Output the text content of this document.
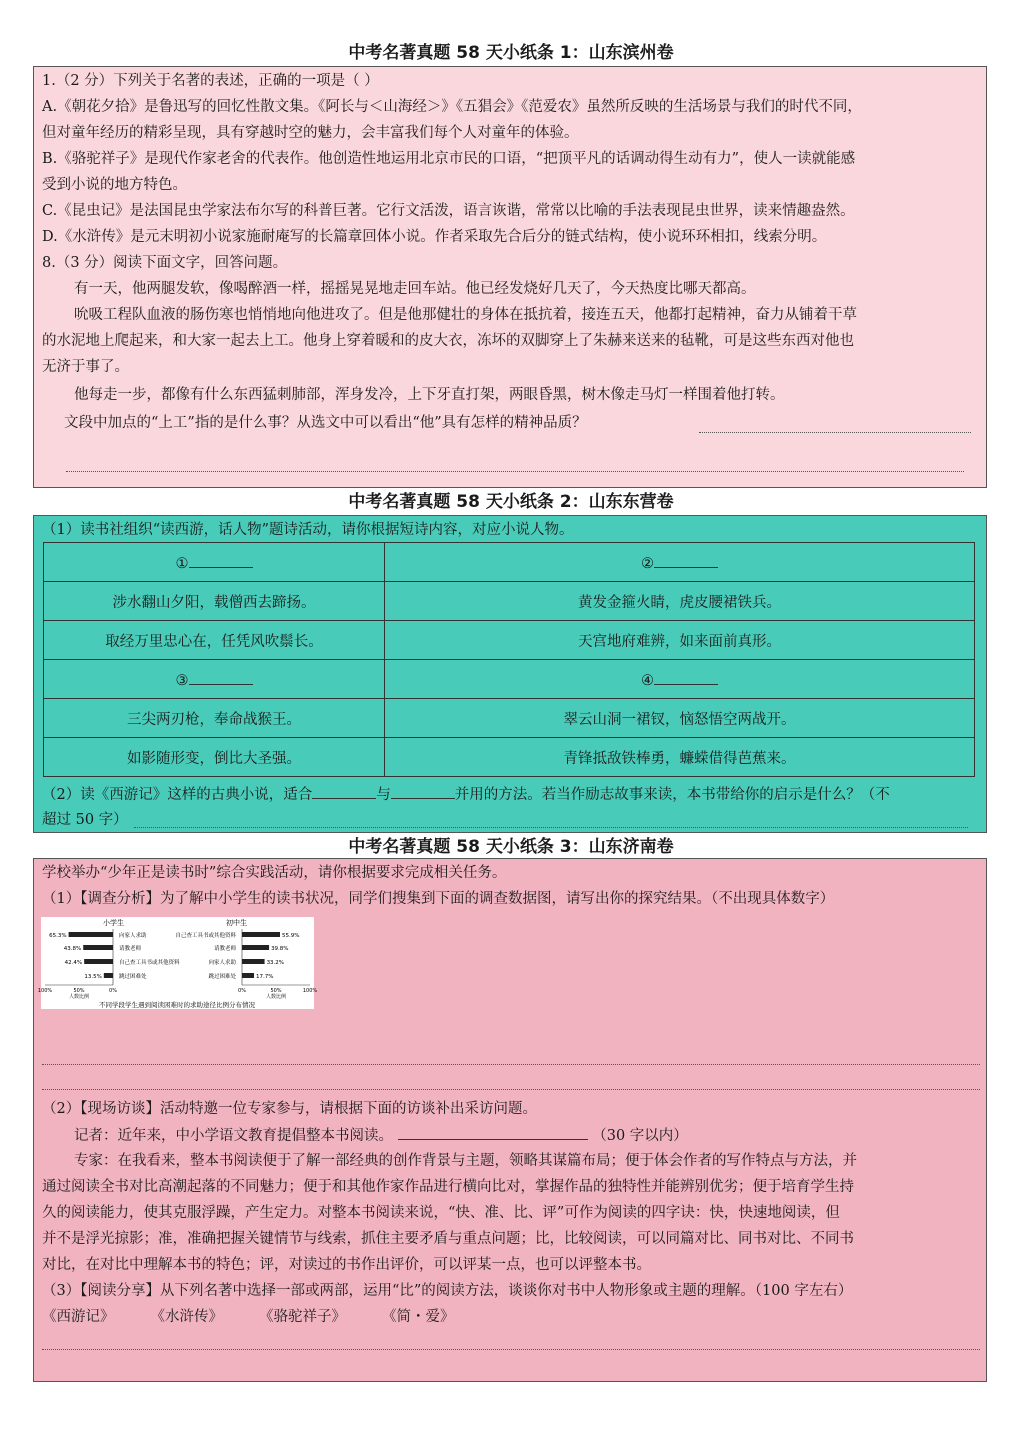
中考名著真题 58 天小纸条 1：山东滨州卷
1.（2 分）下列关于名著的表述，正确的一项是（ ）
A.《朝花夕拾》是鲁迅写的回忆性散文集。《阿长与＜山海经＞》《五猖会》《范爱农》虽然所反映的生活场景与我们的时代不同，
但对童年经历的精彩呈现，具有穿越时空的魅力，会丰富我们每个人对童年的体验。
B.《骆驼祥子》是现代作家老舍的代表作。他创造性地运用北京市民的口语，“把顶平凡的话调动得生动有力”，使人一读就能感
受到小说的地方特色。
C.《昆虫记》是法国昆虫学家法布尔写的科普巨著。它行文活泼，语言诙谐，常常以比喻的手法表现昆虫世界，读来情趣盎然。
D.《水浒传》是元末明初小说家施耐庵写的长篇章回体小说。作者采取先合后分的链式结构，使小说环环相扣，线索分明。
8.（3 分）阅读下面文字，回答问题。
有一天，他两腿发软，像喝醉酒一样，摇摇晃晃地走回车站。他已经发烧好几天了，今天热度比哪天都高。
吮吸工程队血液的肠伤寒也悄悄地向他进攻了。但是他那健壮的身体在抵抗着，接连五天，他都打起精神，奋力从铺着干草
的水泥地上爬起来，和大家一起去上工。他身上穿着暖和的皮大衣，冻坏的双脚穿上了朱赫来送来的毡靴，可是这些东西对他也
无济于事了。
他每走一步，都像有什么东西猛刺肺部，浑身发冷，上下牙直打架，两眼昏黑，树木像走马灯一样围着他打转。
文段中加点的“上工”指的是什么事？从选文中可以看出“他”具有怎样的精神品质？
中考名著真题 58 天小纸条 2：山东东营卷
（1）读书社组织“读西游，话人物”题诗活动，请你根据短诗内容，对应小说人物。
①	②
涉水翻山夕阳，载僧西去蹄扬。	黄发金箍火睛，虎皮腰裙铁兵。
取经万里忠心在，任凭风吹鬃长。	天宫地府难辨，如来面前真形。
③	④
三尖两刃枪，奉命战猴王。	翠云山洞一裙钗，恼怒悟空两战开。
如影随形变，倒比大圣强。	青锋抵敌铁棒勇，蠊蝾借得芭蕉来。
（2）读《西游记》这样的古典小说，适合	与	并用的方法。若当作励志故事来读，本书带给你的启示是什么？（不
超过 50 字）
中考名著真题 58 天小纸条 3：山东济南卷
学校举办“少年正是读书时”综合实践活动，请你根据要求完成相关任务。
（1）【调查分析】为了解中小学生的读书状况，同学们搜集到下面的调查数据图，请写出你的探究结果。（不出现具体数字）
小学生	初中生
65.3%	向家人求助
43.8%	请教老师
42.4%	自己查工具书或其他资料
13.5%	跳过困难处
100%	50%	0%
人数比例
55.9%
自己查工具书或其他资料
39.8%
请教老师
33.2%
向家人求助
17.7%
跳过困难处
0%	50%	100%
人数比例
不同学段学生遇到阅读困难时的求助途径比例分布情况
（2）【现场访谈】活动特邀一位专家参与，请根据下面的访谈补出采访问题。
记者：近年来，中小学语文教育提倡整本书阅读。	（30 字以内）
专家：在我看来，整本书阅读便于了解一部经典的创作背景与主题，领略其谋篇布局；便于体会作者的写作特点与方法，并
通过阅读全书对比高潮起落的不同魅力；便于和其他作家作品进行横向比对，掌握作品的独特性并能辨别优劣；便于培育学生持
久的阅读能力，使其克服浮躁，产生定力。对整本书阅读来说，“快、准、比、评”可作为阅读的四字诀：快，快速地阅读，但
并不是浮光掠影；准，准确把握关键情节与线索，抓住主要矛盾与重点问题；比，比较阅读，可以同篇对比、同书对比、不同书
对比，在对比中理解本书的特色；评，对读过的书作出评价，可以评某一点，也可以评整本书。
（3）【阅读分享】从下列名著中选择一部或两部，运用“比”的阅读方法，谈谈你对书中人物形象或主题的理解。（100 字左右）
《西游记》 《水浒传》 《骆驼祥子》 《简・爱》
